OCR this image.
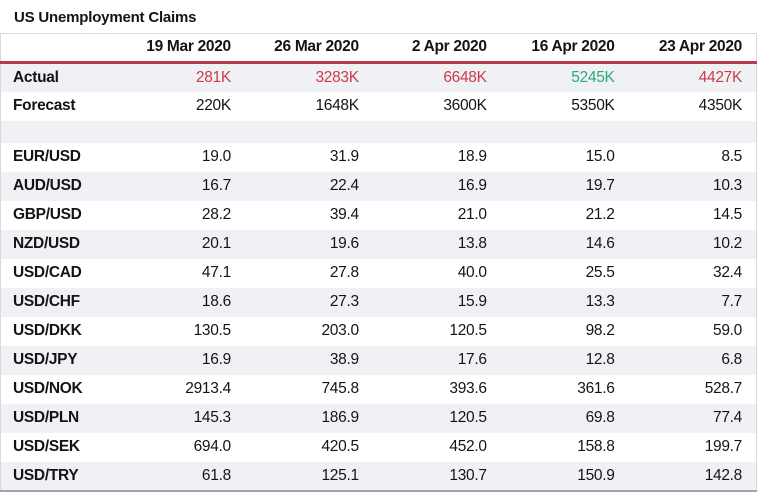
US Unemployment Claims
	19 Mar 2020	26 Mar 2020	2 Apr 2020	16 Apr 2020	23 Apr 2020
Actual	281K	3283K	6648K	5245K	4427K
Forecast	220K	1648K	3600K	5350K	4350K

EUR/USD	19.0	31.9	18.9	15.0	8.5
AUD/USD	16.7	22.4	16.9	19.7	10.3
GBP/USD	28.2	39.4	21.0	21.2	14.5
NZD/USD	20.1	19.6	13.8	14.6	10.2
USD/CAD	47.1	27.8	40.0	25.5	32.4
USD/CHF	18.6	27.3	15.9	13.3	7.7
USD/DKK	130.5	203.0	120.5	98.2	59.0
USD/JPY	16.9	38.9	17.6	12.8	6.8
USD/NOK	2913.4	745.8	393.6	361.6	528.7
USD/PLN	145.3	186.9	120.5	69.8	77.4
USD/SEK	694.0	420.5	452.0	158.8	199.7
USD/TRY	61.8	125.1	130.7	150.9	142.8
